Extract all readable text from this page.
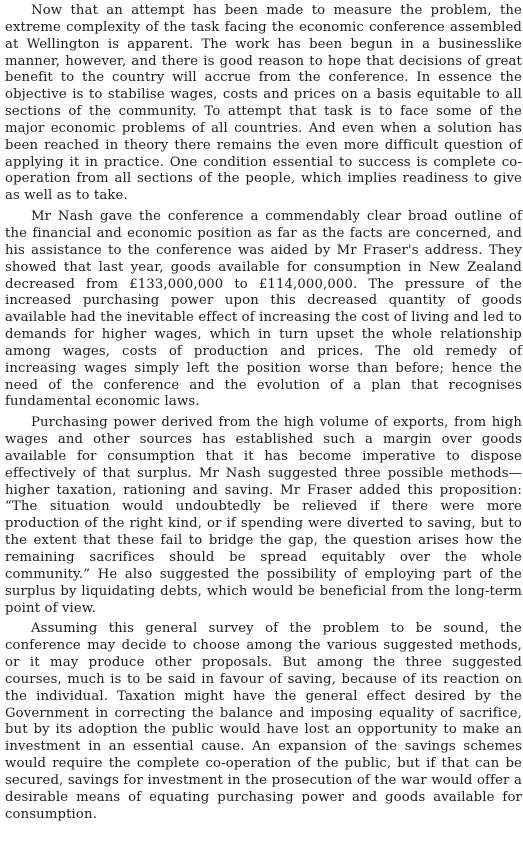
Now that an attempt has been made to measure the problem, the extreme complexity of the task facing the economic conference assembled at Wellington is apparent. The work has been begun in a businesslike manner, however, and there is good reason to hope that decisions of great benefit to the country will accrue from the conference. In essence the objective is to stabilise wages, costs and prices on a basis equitable to all sections of the community. To attempt that task is to face some of the major economic problems of all countries. And even when a solution has been reached in theory there remains the even more difficult question of applying it in practice. One condition essential to success is complete co-operation from all sections of the people, which implies readiness to give as well as to take.

Mr Nash gave the conference a commendably clear broad outline of the financial and economic position as far as the facts are concerned, and his assistance to the conference was aided by Mr Fraser's address. They showed that last year, goods available for consumption in New Zealand decreased from £133,000,000 to £114,000,000. The pressure of the increased purchasing power upon this decreased quantity of goods available had the inevitable effect of increasing the cost of living and led to demands for higher wages, which in turn upset the whole relationship among wages, costs of production and prices. The old remedy of increasing wages simply left the position worse than before; hence the need of the conference and the evolution of a plan that recognises fundamental economic laws.

Purchasing power derived from the high volume of exports, from high wages and other sources has established such a margin over goods available for consumption that it has become imperative to dispose effectively of that surplus. Mr Nash suggested three possible methods—higher taxation, rationing and saving. Mr Fraser added this proposition: “The situation would undoubtedly be relieved if there were more production of the right kind, or if spending were diverted to saving, but to the extent that these fail to bridge the gap, the question arises how the remaining sacrifices should be spread equitably over the whole community.” He also suggested the possibility of employing part of the surplus by liquidating debts, which would be beneficial from the long-term point of view.

Assuming this general survey of the problem to be sound, the conference may decide to choose among the various suggested methods, or it may produce other proposals. But among the three suggested courses, much is to be said in favour of saving, because of its reaction on the individual. Taxation might have the general effect desired by the Government in correcting the balance and imposing equality of sacrifice, but by its adoption the public would have lost an opportunity to make an investment in an essential cause. An expansion of the savings schemes would require the complete co-operation of the public, but if that can be secured, savings for investment in the prosecution of the war would offer a desirable means of equating purchasing power and goods available for consumption.
